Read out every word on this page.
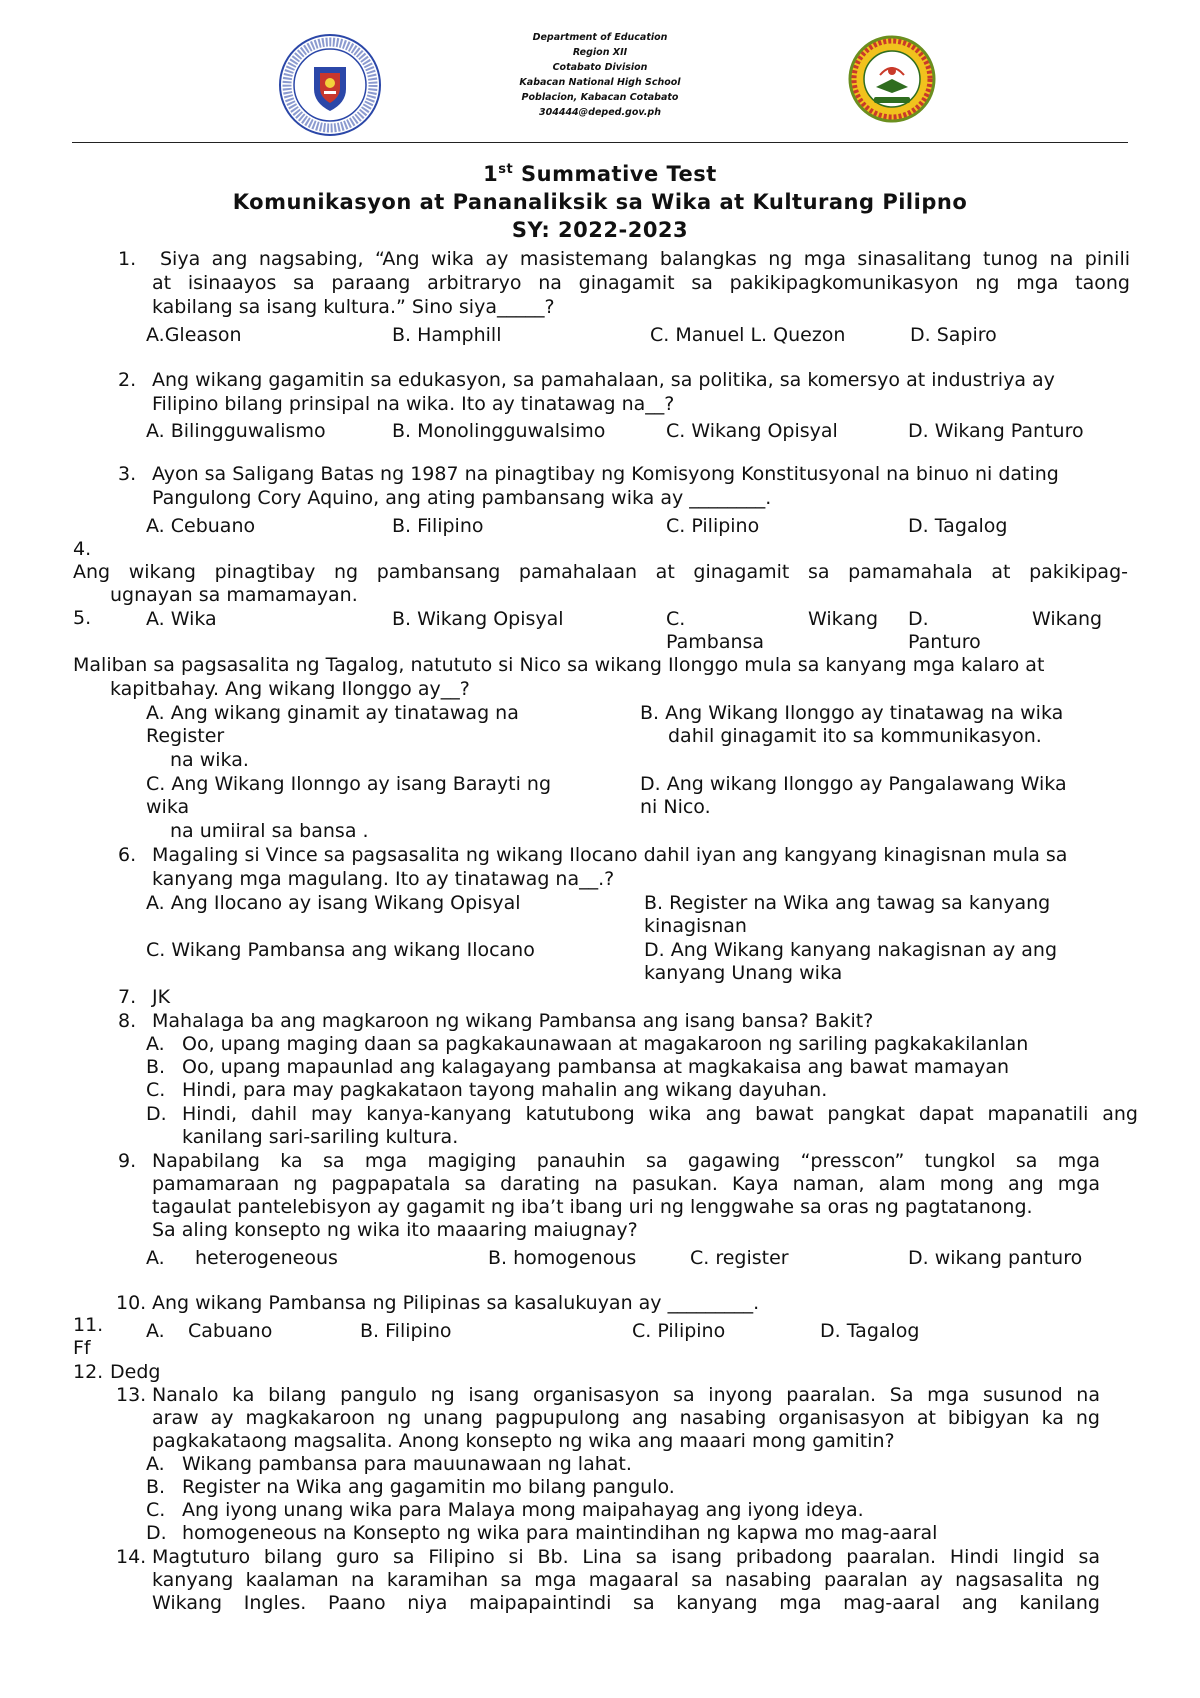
Department of Education
Region XII
Cotabato Division
Kabacan National High School
Poblacion, Kabacan Cotabato
304444@deped.gov.ph
1st Summative Test
Komunikasyon at Pananaliksik sa Wika at Kulturang Pilipno
SY: 2022-2023
1. Siya ang nagsabing, “Ang wika ay masistemang balangkas ng mga sinasalitang tunog na pinili
at isinaayos sa paraang arbitraryo na ginagamit sa pakikipagkomunikasyon ng mga taong
kabilang sa isang kultura.” Sino siya_____?
A.Gleason	B. Hamphill	C. Manuel L. Quezon	D. Sapiro
2. Ang wikang gagamitin sa edukasyon, sa pamahalaan, sa politika, sa komersyo at industriya ay
Filipino bilang prinsipal na wika. Ito ay tinatawag na__?
A. Bilingguwalismo	B. Monolingguwalsimo	C. Wikang Opisyal	D. Wikang Panturo
3. Ayon sa Saligang Batas ng 1987 na pinagtibay ng Komisyong Konstitusyonal na binuo ni dating
Pangulong Cory Aquino, ang ating pambansang wika ay ________.
A. Cebuano	B. Filipino	C. Pilipino	D. Tagalog
4.
Ang wikang pinagtibay ng pambansang pamahalaan at ginagamit sa pamamahala at pakikipag-
ugnayan sa mamamayan.
A. Wika	B. Wikang Opisyal	C.	Wikang
Pambansa
D.	Wikang
Panturo
5.
Maliban sa pagsasalita ng Tagalog, natututo si Nico sa wikang Ilonggo mula sa kanyang mga kalaro at
kapitbahay. Ang wikang Ilonggo ay__?
A. Ang wikang ginamit ay tinatawag na
Register
na wika.
B. Ang Wikang Ilonggo ay tinatawag na wika
dahil ginagamit ito sa kommunikasyon.
C. Ang Wikang Ilonngo ay isang Barayti ng
wika
na umiiral sa bansa .
D. Ang wikang Ilonggo ay Pangalawang Wika
ni Nico.
6. Magaling si Vince sa pagsasalita ng wikang Ilocano dahil iyan ang kangyang kinagisnan mula sa
kanyang mga magulang. Ito ay tinatawag na__.?
A. Ang Ilocano ay isang Wikang Opisyal	B. Register na Wika ang tawag sa kanyang
kinagisnan
C. Wikang Pambansa ang wikang Ilocano	D. Ang Wikang kanyang nakagisnan ay ang
kanyang Unang wika
7. JK
8. Mahalaga ba ang magkaroon ng wikang Pambansa ang isang bansa? Bakit?
A. Oo, upang maging daan sa pagkakaunawaan at magakaroon ng sariling pagkakakilanlan
B. Oo, upang mapaunlad ang kalagayang pambansa at magkakaisa ang bawat mamayan
C. Hindi, para may pagkakataon tayong mahalin ang wikang dayuhan.
D. Hindi, dahil may kanya-kanyang katutubong wika ang bawat pangkat dapat mapanatili ang
kanilang sari-sariling kultura.
9. Napabilang ka sa mga magiging panauhin sa gagawing “presscon” tungkol sa mga
pamamaraan ng pagpapatala sa darating na pasukan. Kaya naman, alam mong ang mga
tagaulat pantelebisyon ay gagamit ng iba’t ibang uri ng lenggwahe sa oras ng pagtatanong.
Sa aling konsepto ng wika ito maaaring maiugnay?
A. heterogeneous	B. homogenous	C. register	D. wikang panturo
10. Ang wikang Pambansa ng Pilipinas sa kasalukuyan ay _________.
A. Cabuano	B. Filipino	C. Pilipino	D. Tagalog
11.
Ff
12. Dedg
13. Nanalo ka bilang pangulo ng isang organisasyon sa inyong paaralan. Sa mga susunod na
araw ay magkakaroon ng unang pagpupulong ang nasabing organisasyon at bibigyan ka ng
pagkakataong magsalita. Anong konsepto ng wika ang maaari mong gamitin?
A. Wikang pambansa para mauunawaan ng lahat.
B. Register na Wika ang gagamitin mo bilang pangulo.
C. Ang iyong unang wika para Malaya mong maipahayag ang iyong ideya.
D. homogeneous na Konsepto ng wika para maintindihan ng kapwa mo mag-aaral
14. Magtuturo bilang guro sa Filipino si Bb. Lina sa isang pribadong paaralan. Hindi lingid sa
kanyang kaalaman na karamihan sa mga magaaral sa nasabing paaralan ay nagsasalita ng
Wikang Ingles. Paano niya maipapaintindi sa kanyang mga mag-aaral ang kanilang
